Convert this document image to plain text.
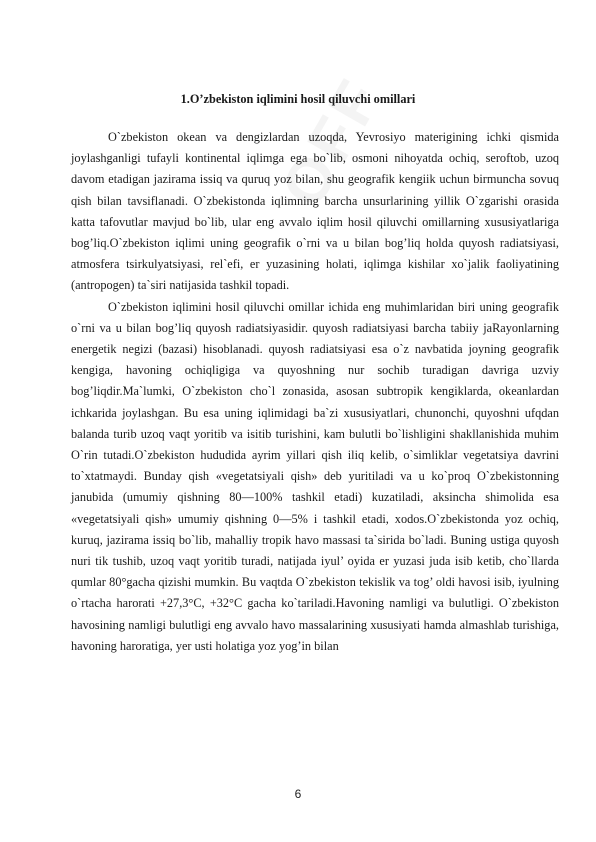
1.O’zbekiston iqlimini hosil qiluvchi omillari

O`zbekiston okean va dengizlardan uzoqda, Yevrosiyo materigining ichki qismida joylashganligi tufayli kontinental iqlimga ega bo`lib, osmoni nihoyatda ochiq, seroftob, uzoq davom etadigan jazirama issiq va quruq yoz bilan, shu geografik kengiik uchun birmuncha sovuq qish bilan tavsiflanadi. O`zbekistonda iqlimning barcha unsurlarining yillik O`zgarishi orasida katta tafovutlar mavjud bo`lib, ular eng avvalo iqlim hosil qiluvchi omillarning xususiyatlariga bog’liq.O`zbekiston iqlimi uning geografik o`rni va u bilan bog’liq holda quyosh radiatsiyasi, atmosfera tsirkulyatsiyasi, rel`efi, er yuzasining holati, iqlimga kishilar xo`jalik faoliyatining (antropogen) ta`siri natijasida tashkil topadi.

O`zbekiston iqlimini hosil qiluvchi omillar ichida eng muhimlaridan biri uning geografik o`rni va u bilan bog’liq quyosh radiatsiyasidir. quyosh radiatsiyasi barcha tabiiy jaRayonlarning energetik negizi (bazasi) hisoblanadi. quyosh radiatsiyasi esa o`z navbatida joyning geografik kengiga, havoning ochiqligiga va quyoshning nur sochib turadigan davriga uzviy bog’liqdir.Ma`lumki, O`zbekiston cho`l zonasida, asosan subtropik kengiklarda, okeanlardan ichkarida joylashgan. Bu esa uning iqlimidagi ba`zi xususiyatlari, chunonchi, quyoshni ufqdan balanda turib uzoq vaqt yoritib va isitib turishini, kam bulutli bo`lishligini shakllanishida muhim O`rin tutadi.O`zbekiston hududida ayrim yillari qish iliq kelib, o`simliklar vegetatsiya davrini to`xtatmaydi. Bunday qish «vegetatsiyali qish» deb yuritiladi va u ko`proq O`zbekistonning janubida (umumiy qishning 80—100% tashkil etadi) kuzatiladi, aksincha shimolida esa «vegetatsiyali qish» umumiy qishning 0—5% i tashkil etadi, xodos.O`zbekistonda yoz ochiq, kuruq, jazirama issiq bo`lib, mahalliy tropik havo massasi ta`sirida bo`ladi. Buning ustiga quyosh nuri tik tushib, uzoq vaqt yoritib turadi, natijada iyul’ oyida er yuzasi juda isib ketib, cho`llarda qumlar 80°gacha qizishi mumkin. Bu vaqtda O`zbekiston tekislik va tog’ oldi havosi isib, iyulning o`rtacha harorati +27,3°C, +32°C gacha ko`tariladi.Havoning namligi va bulutligi. O`zbekiston havosining namligi bulutligi eng avvalo havo massalarining xususiyati hamda almashlab turishiga, havoning haroratiga, yer usti holatiga yoz yog’in bilan

6
